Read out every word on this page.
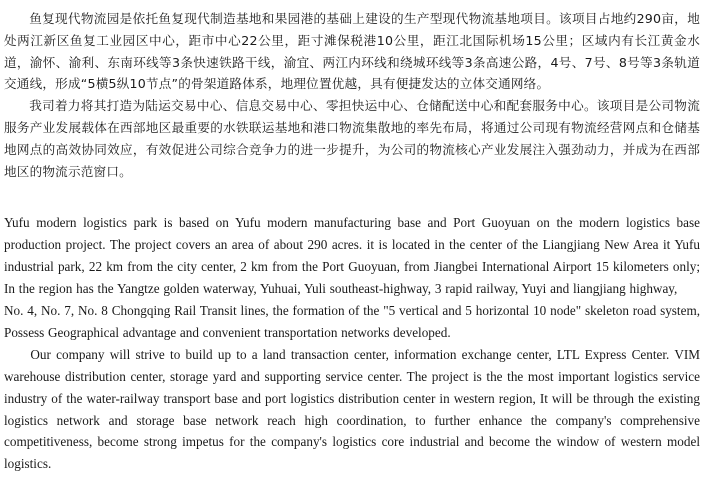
鱼复现代物流园是依托鱼复现代制造基地和果园港的基础上建设的生产型现代物流基地项目。该项目占地约290亩，地处两江新区鱼复工业园区中心，距市中心22公里，距寸滩保税港10公里，距江北国际机场15公里；区域内有长江黄金水道，渝怀、渝利、东南环线等3条快速铁路干线，渝宜、两江内环线和绕城环线等3条高速公路，4号、7号、8号等3条轨道交通线，形成“5横5纵10节点”的骨架道路体系，地理位置优越，具有便捷发达的立体交通网络。

我司着力将其打造为陆运交易中心、信息交易中心、零担快运中心、仓储配送中心和配套服务中心。该项目是公司物流服务产业发展载体在西部地区最重要的水铁联运基地和港口物流集散地的率先布局，将通过公司现有物流经营网点和仓储基地网点的高效协同效应，有效促进公司综合竞争力的进一步提升，为公司的物流核心产业发展注入强劲动力，并成为在西部地区的物流示范窗口。

Yufu modern logistics park is based on Yufu modern manufacturing base and Port Guoyuan on the modern logistics base production project. The project covers an area of about 290 acres. it is located in the center of the Liangjiang New Area it Yufu industrial park, 22 km from the city center, 2 km from the Port Guoyuan, from Jiangbei International Airport 15 kilometers only; In the region has the Yangtze golden waterway, Yuhuai, Yuli southeast-highway, 3 rapid railway, Yuyi and liangjiang highway,       No. 4, No. 7, No. 8 Chongqing Rail Transit lines, the formation of the "5 vertical and 5 horizontal 10 node" skeleton road system, Possess Geographical advantage and convenient transportation networks developed.

Our company will strive to build up to a land transaction center, information exchange center, LTL Express Center. VIM warehouse distribution center, storage yard and supporting service center. The project is the the most important logistics service industry of the water-railway transport base and port logistics distribution center in western region, It will be through the existing logistics network and storage base network reach high coordination, to further enhance the company's comprehensive competitiveness, become strong impetus for the company's logistics core industrial and become the window of western model logistics.
